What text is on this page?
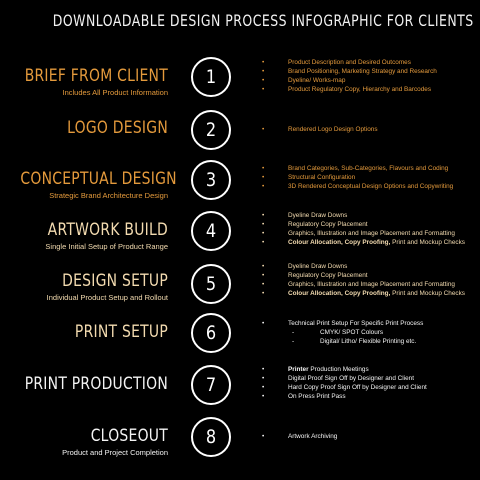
DOWNLOADABLE DESIGN PROCESS INFOGRAPHIC FOR CLIENTS
BRIEF FROM CLIENT
Includes All Product Information
1
• Product Description and Desired Outcomes
• Brand Positioning, Marketing Strategy and Research
• Dyeline/ Works-map
• Product Regulatory Copy, Hierarchy and Barcodes
LOGO DESIGN	2	• Rendered Logo Design Options
CONCEPTUAL DESIGN
Strategic Brand Architecture Design
3
• Brand Categories, Sub-Categories, Flavours and Coding
• Structural Configuration
• 3D Rendered Conceptual Design Options and Copywriting
ARTWORK BUILD
Single Initial Setup of Product Range
4
• Dyeline Draw Downs
• Regulatory Copy Placement
• Graphics, Illustration and Image Placement and Formatting
• Colour Allocation, Copy Proofing, Print and Mockup Checks
DESIGN SETUP
Individual Product Setup and Rollout
5
• Dyeline Draw Downs
• Regulatory Copy Placement
• Graphics, Illustration and Image Placement and Formatting
• Colour Allocation, Copy Proofing, Print and Mockup Checks
PRINT SETUP	6	• Technical Print Setup For Specific Print Process
- CMYK/ SPOT Colours
- Digital/ Litho/ Flexible Printing etc.
PRINT PRODUCTION	7
• Printer Production Meetings
• Digital Proof Sign Off by Designer and Client
• Hard Copy Proof Sign Off by Designer and Client
• On Press Print Pass
CLOSEOUT
Product and Project Completion
8	• Artwork Archiving
